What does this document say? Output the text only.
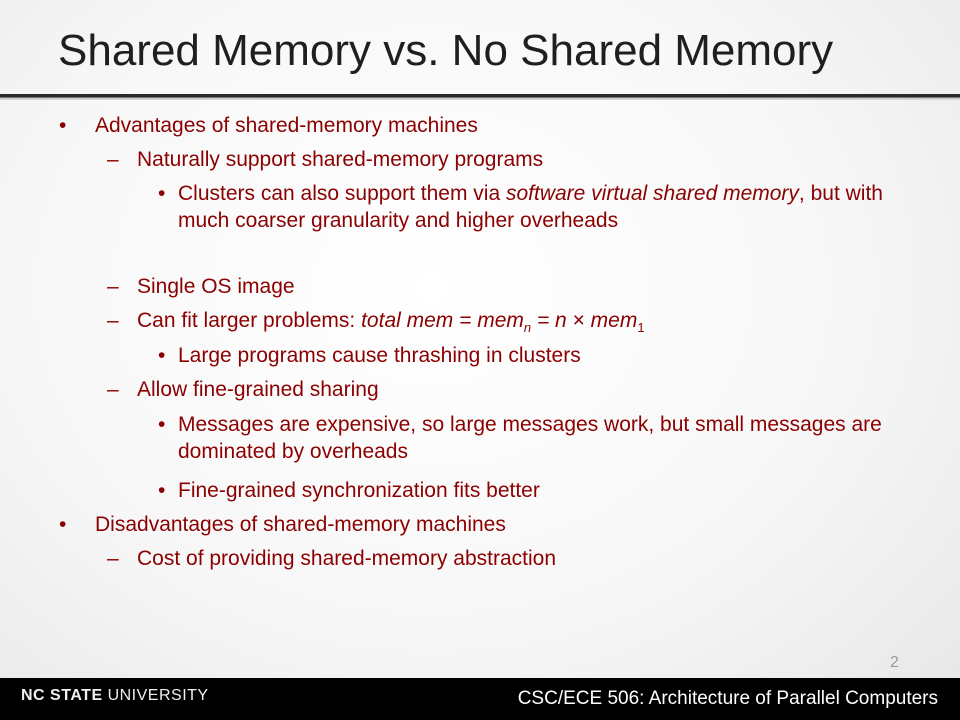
Shared Memory vs. No Shared Memory
• Advantages of shared-memory machines
– Naturally support shared-memory programs
• Clusters can also support them via software virtual shared memory, but with much coarser granularity and higher overheads
– Single OS image
– Can fit larger problems: total mem = mem$_n$ = n × mem$_1$
• Large programs cause thrashing in clusters
– Allow fine-grained sharing
• Messages are expensive, so large messages work, but small messages are dominated by overheads
• Fine-grained synchronization fits better
• Disadvantages of shared-memory machines
– Cost of providing shared-memory abstraction
2
NC STATE UNIVERSITY	CSC/ECE 506: Architecture of Parallel Computers
